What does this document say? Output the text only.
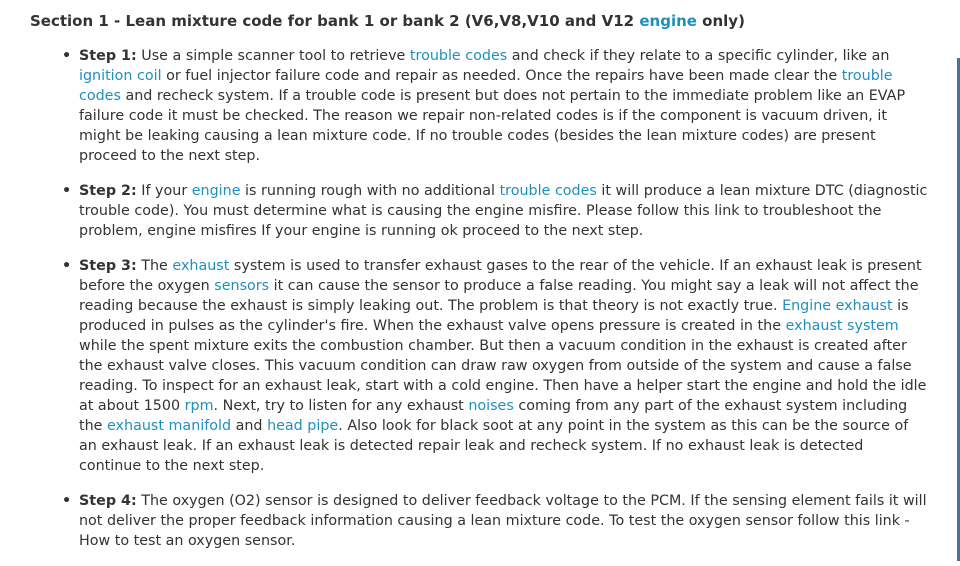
Section 1 - Lean mixture code for bank 1 or bank 2 (V6,V8,V10 and V12 engine only)
• Step 1: Use a simple scanner tool to retrieve trouble codes and check if they relate to a specific cylinder, like an ignition coil or fuel injector failure code and repair as needed. Once the repairs have been made clear the trouble codes and recheck system. If a trouble code is present but does not pertain to the immediate problem like an EVAP failure code it must be checked. The reason we repair non-related codes is if the component is vacuum driven, it might be leaking causing a lean mixture code. If no trouble codes (besides the lean mixture codes) are present proceed to the next step.
• Step 2: If your engine is running rough with no additional trouble codes it will produce a lean mixture DTC (diagnostic trouble code). You must determine what is causing the engine misfire. Please follow this link to troubleshoot the problem, engine misfires If your engine is running ok proceed to the next step.
• Step 3: The exhaust system is used to transfer exhaust gases to the rear of the vehicle. If an exhaust leak is present before the oxygen sensors it can cause the sensor to produce a false reading. You might say a leak will not affect the reading because the exhaust is simply leaking out. The problem is that theory is not exactly true. Engine exhaust is produced in pulses as the cylinder's fire. When the exhaust valve opens pressure is created in the exhaust system while the spent mixture exits the combustion chamber. But then a vacuum condition in the exhaust is created after the exhaust valve closes. This vacuum condition can draw raw oxygen from outside of the system and cause a false reading. To inspect for an exhaust leak, start with a cold engine. Then have a helper start the engine and hold the idle at about 1500 rpm. Next, try to listen for any exhaust noises coming from any part of the exhaust system including the exhaust manifold and head pipe. Also look for black soot at any point in the system as this can be the source of an exhaust leak. If an exhaust leak is detected repair leak and recheck system. If no exhaust leak is detected continue to the next step.
• Step 4: The oxygen (O2) sensor is designed to deliver feedback voltage to the PCM. If the sensing element fails it will not deliver the proper feedback information causing a lean mixture code. To test the oxygen sensor follow this link - How to test an oxygen sensor.
